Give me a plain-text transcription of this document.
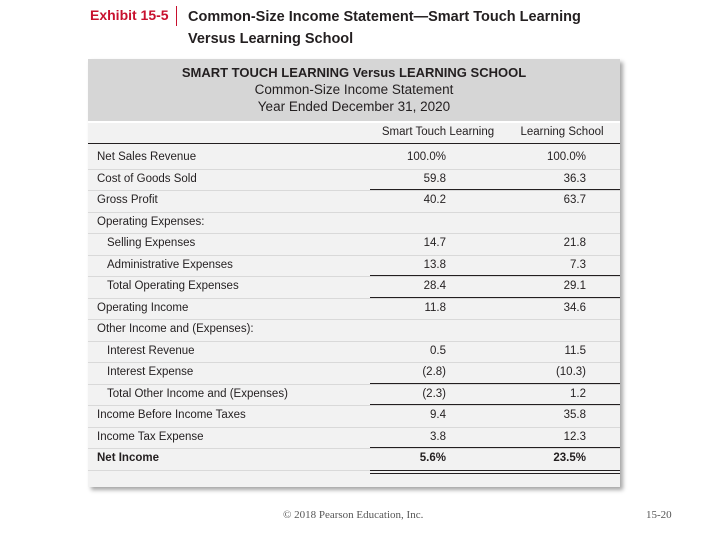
Exhibit 15-5 Common-Size Income Statement—Smart Touch Learning Versus Learning School
SMART TOUCH LEARNING Versus LEARNING SCHOOL
Common-Size Income Statement
Year Ended December 31, 2020
Smart Touch Learning	Learning School
Net Sales Revenue	100.0%	100.0%
Cost of Goods Sold	59.8	36.3
Gross Profit	40.2	63.7
Operating Expenses:
Selling Expenses	14.7	21.8
Administrative Expenses	13.8	7.3
Total Operating Expenses	28.4	29.1
Operating Income	11.8	34.6
Other Income and (Expenses):
Interest Revenue	0.5	11.5
Interest Expense	(2.8)	(10.3)
Total Other Income and (Expenses)	(2.3)	1.2
Income Before Income Taxes	9.4	35.8
Income Tax Expense	3.8	12.3
Net Income	5.6%	23.5%
© 2018 Pearson Education, Inc.	15-20
